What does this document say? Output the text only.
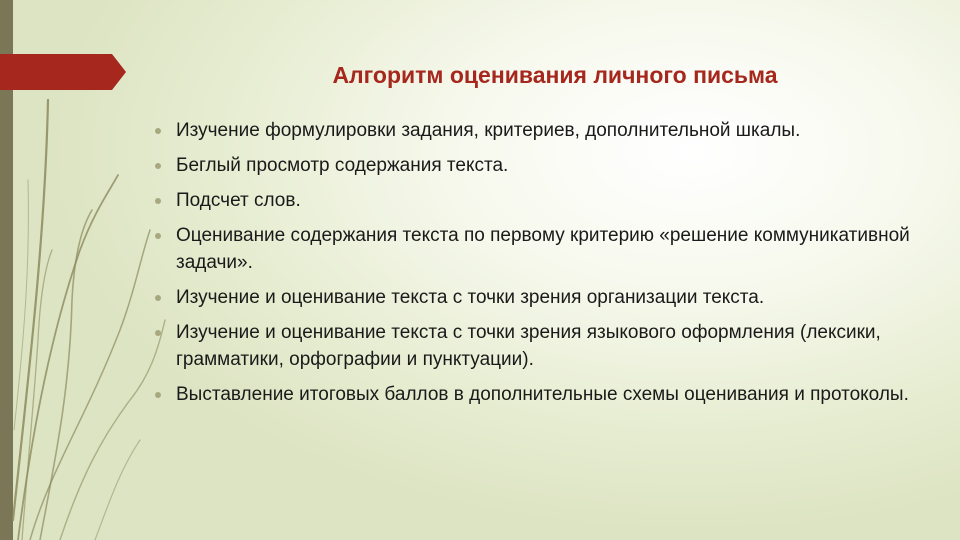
Алгоритм оценивания личного письма
Изучение формулировки задания, критериев, дополнительной шкалы.
Беглый просмотр содержания текста.
Подсчет слов.
Оценивание содержания текста по первому критерию «решение коммуникативной задачи».
Изучение и оценивание текста с точки зрения организации текста.
Изучение и оценивание текста с точки зрения языкового оформления (лексики, грамматики, орфографии и пунктуации).
Выставление итоговых баллов в дополнительные схемы оценивания и протоколы.
